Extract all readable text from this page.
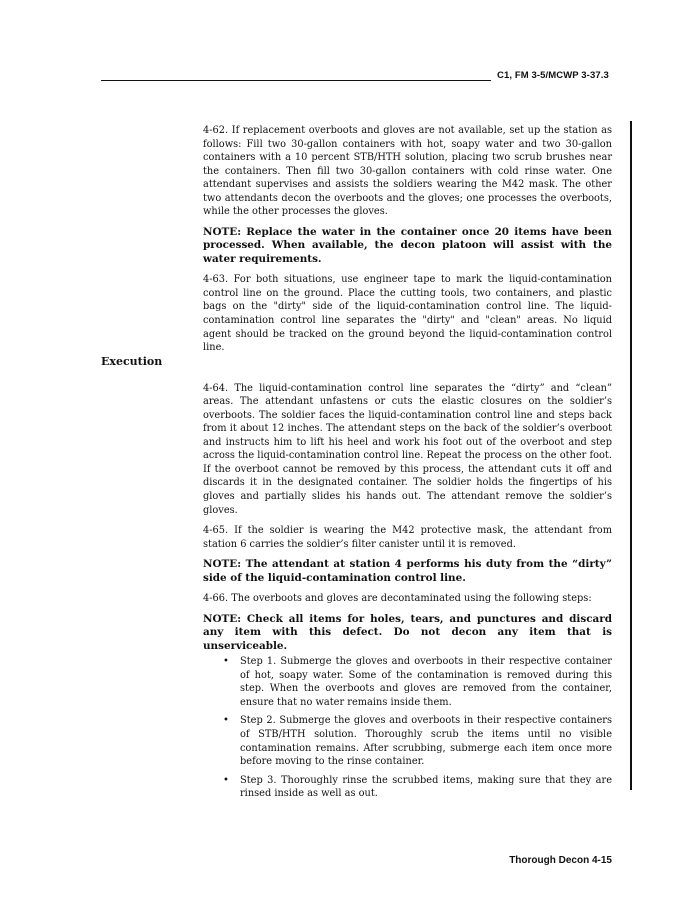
C1, FM 3-5/MCWP 3-37.3
Execution

4-62. If replacement overboots and gloves are not available, set up the station as follows: Fill two 30-gallon containers with hot, soapy water and two 30-gallon containers with a 10 percent STB/HTH solution, placing two scrub brushes near the containers. Then fill two 30-gallon containers with cold rinse water. One attendant supervises and assists the soldiers wearing the M42 mask. The other two attendants decon the overboots and the gloves; one processes the overboots, while the other processes the gloves.

NOTE: Replace the water in the container once 20 items have been processed. When available, the decon platoon will assist with the water requirements.

4-63. For both situations, use engineer tape to mark the liquid-contamination control line on the ground. Place the cutting tools, two containers, and plastic bags on the "dirty" side of the liquid-contamination control line. The liquid-contamination control line separates the "dirty" and "clean" areas. No liquid agent should be tracked on the ground beyond the liquid-contamination control line.

4-64. The liquid-contamination control line separates the “dirty” and “clean” areas. The attendant unfastens or cuts the elastic closures on the soldier’s overboots. The soldier faces the liquid-contamination control line and steps back from it about 12 inches. The attendant steps on the back of the soldier’s overboot and instructs him to lift his heel and work his foot out of the overboot and step across the liquid-contamination control line. Repeat the process on the other foot. If the overboot cannot be removed by this process, the attendant cuts it off and discards it in the designated container. The soldier holds the fingertips of his gloves and partially slides his hands out. The attendant remove the soldier’s gloves.

4-65. If the soldier is wearing the M42 protective mask, the attendant from station 6 carries the soldier’s filter canister until it is removed.

NOTE: The attendant at station 4 performs his duty from the “dirty” side of the liquid-contamination control line.

4-66. The overboots and gloves are decontaminated using the following steps:

NOTE: Check all items for holes, tears, and punctures and discard any item with this defect. Do not decon any item that is unserviceable.

• Step 1. Submerge the gloves and overboots in their respective container of hot, soapy water. Some of the contamination is removed during this step. When the overboots and gloves are removed from the container, ensure that no water remains inside them.
• Step 2. Submerge the gloves and overboots in their respective containers of STB/HTH solution. Thoroughly scrub the items until no visible contamination remains. After scrubbing, submerge each item once more before moving to the rinse container.
• Step 3. Thoroughly rinse the scrubbed items, making sure that they are rinsed inside as well as out.
Thorough Decon 4-15
